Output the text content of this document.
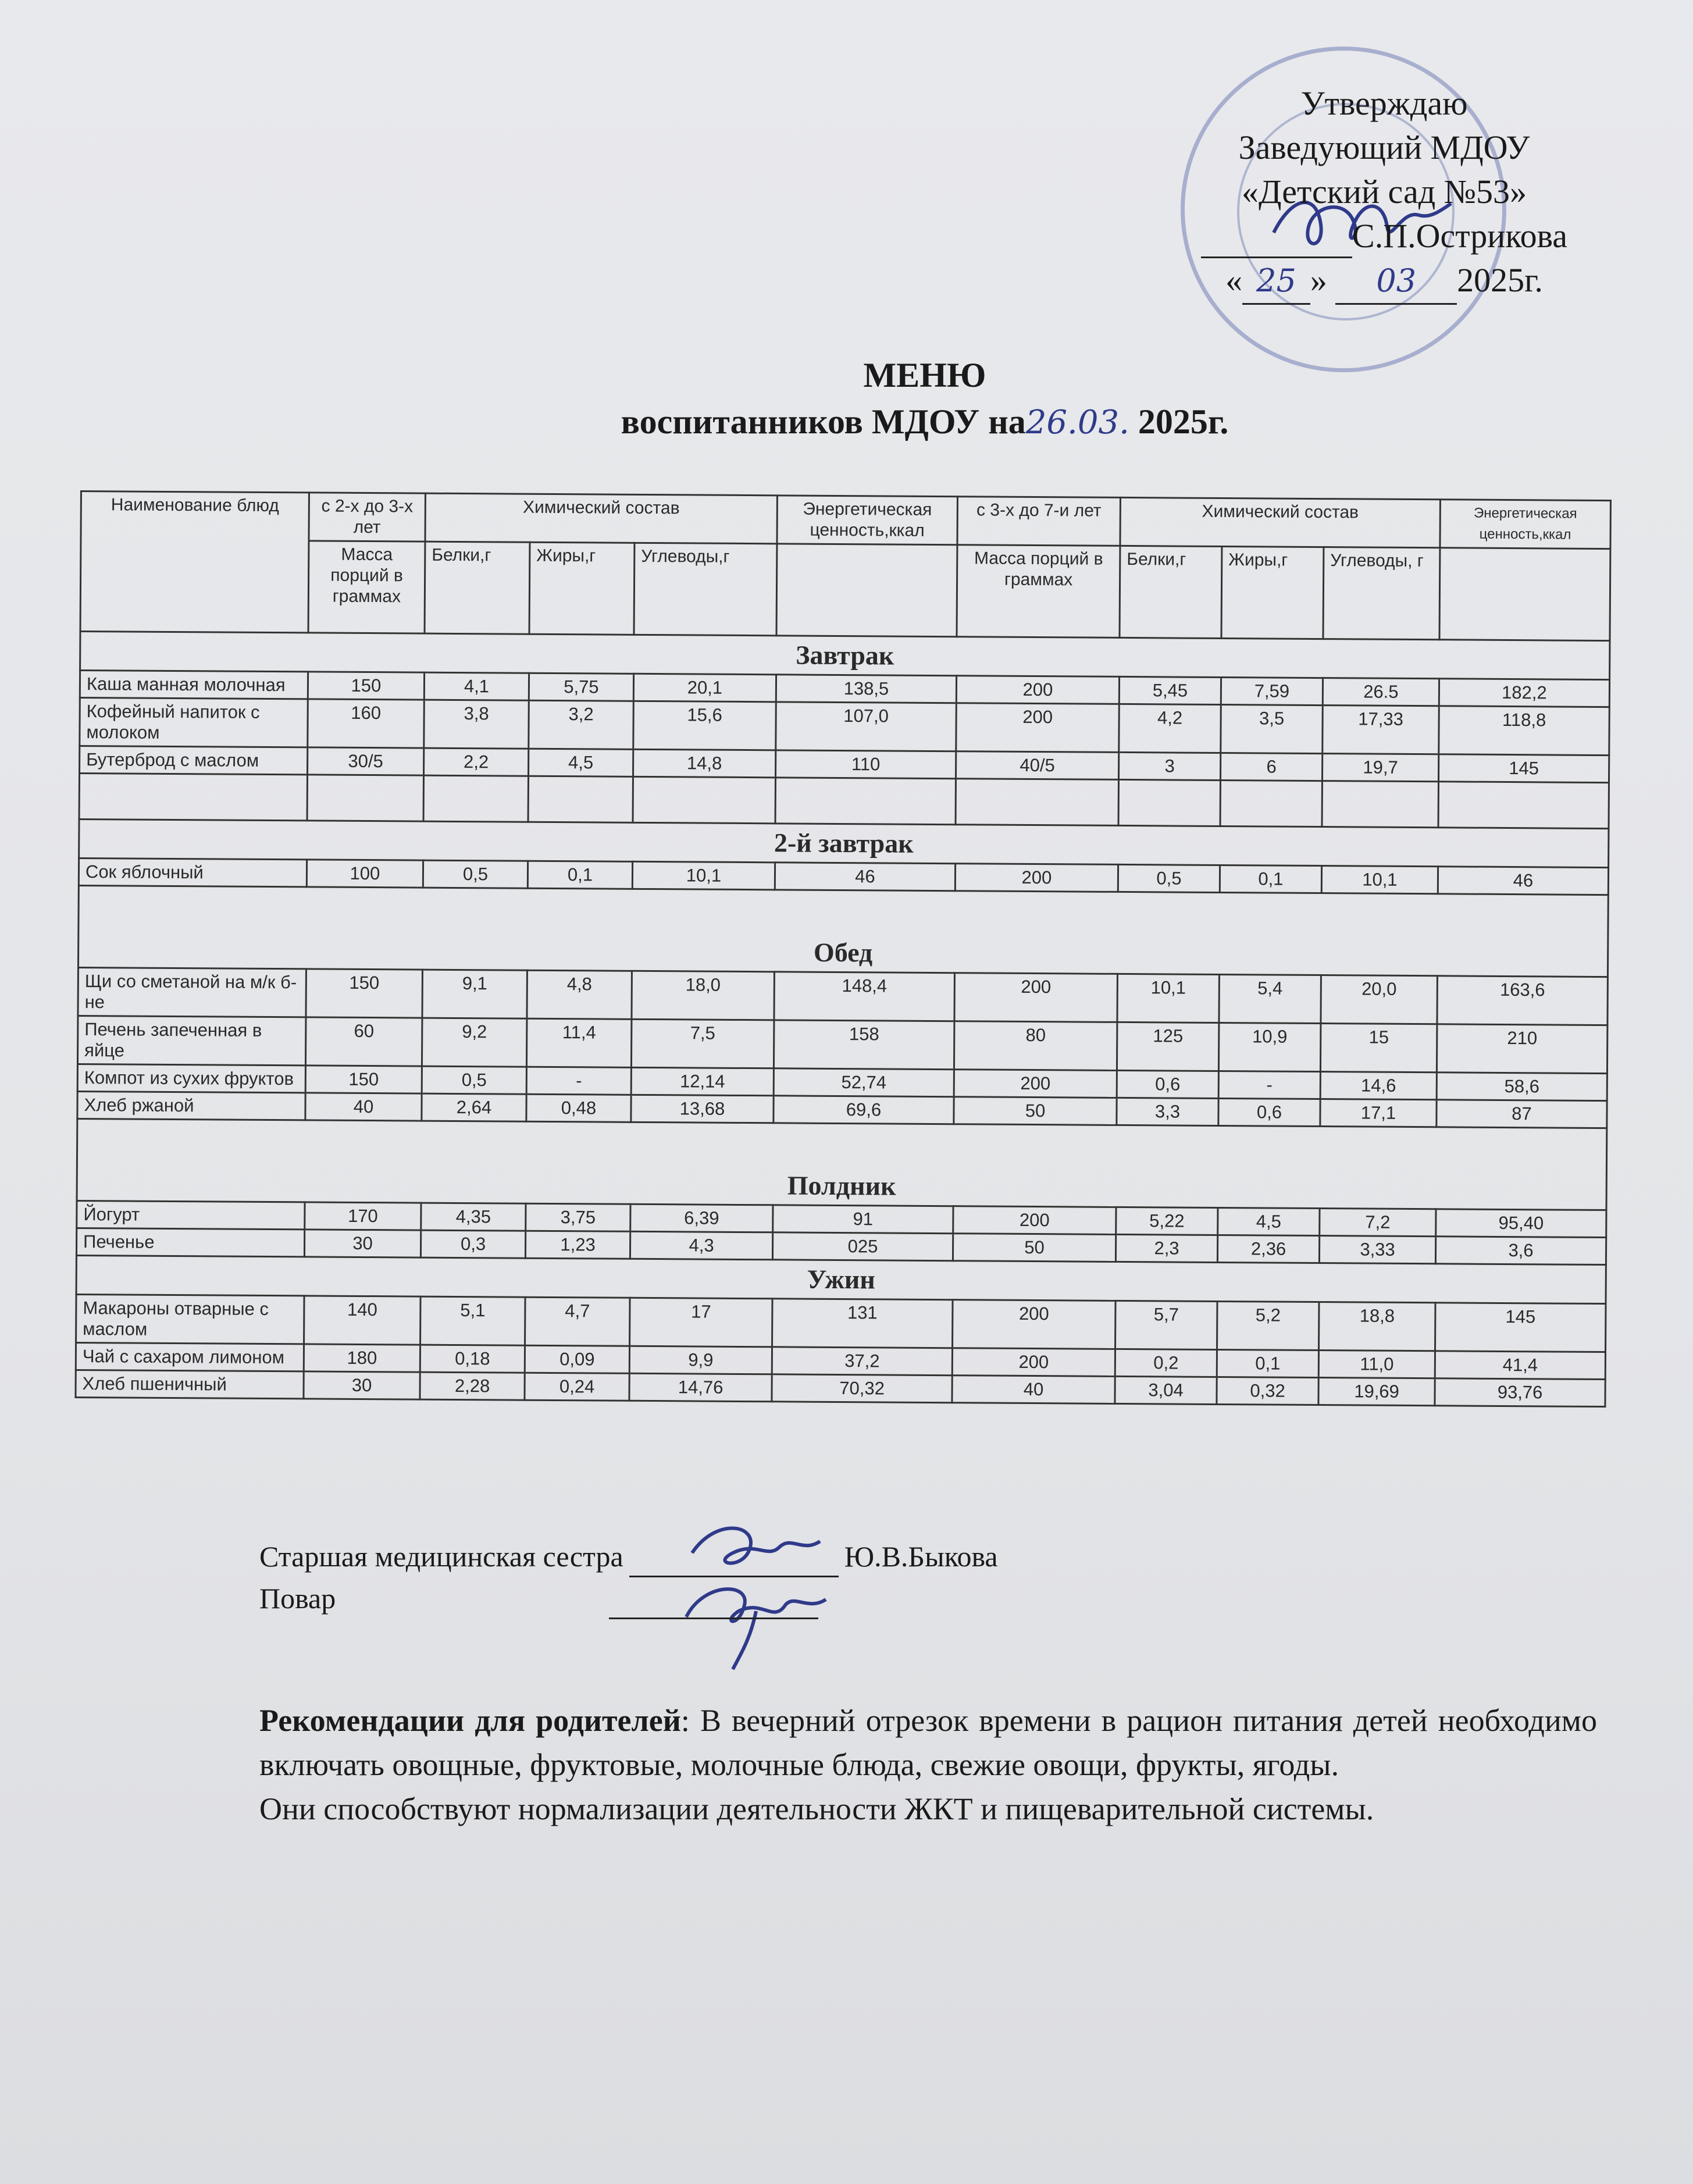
Утверждаю
Заведующий МДОУ
«Детский сад №53»
С.П.Острикова
« 25 » 03 2025г.
МЕНЮ
воспитанников МДОУ на26.03. 2025г.
Наименование блюд	с 2-х до 3-х лет	Химический состав			Энергетическая ценность,ккал	с 3-х до 7-и лет	Химический состав			Энергетическая ценность,ккал
	Масса порций в граммах	Белки,г	Жиры,г	Углеводы,г		Масса порций в граммах	Белки,г	Жиры,г	Углеводы, г	
Завтрак										
Каша манная молочная	150	4,1	5,75	20,1	138,5	200	5,45	7,59	26.5	182,2
Кофейный напиток с молоком	160	3,8	3,2	15,6	107,0	200	4,2	3,5	17,33	118,8
Бутерброд с маслом	30/5	2,2	4,5	14,8	110	40/5	3	6	19,7	145

2-й завтрак										
Сок яблочный	100	0,5	0,1	10,1	46	200	0,5	0,1	10,1	46
Обед										
Щи со сметаной на м/к б-не	150	9,1	4,8	18,0	148,4	200	10,1	5,4	20,0	163,6
Печень запеченная в яйце	60	9,2	11,4	7,5	158	80	125	10,9	15	210
Компот из сухих фруктов	150	0,5	-	12,14	52,74	200	0,6	-	14,6	58,6
Хлеб ржаной	40	2,64	0,48	13,68	69,6	50	3,3	0,6	17,1	87
Полдник										
Йогурт	170	4,35	3,75	6,39	91	200	5,22	4,5	7,2	95,40
Печенье	30	0,3	1,23	4,3	025	50	2,3	2,36	3,33	3,6
Ужин										
Макароны отварные с маслом	140	5,1	4,7	17	131	200	5,7	5,2	18,8	145
Чай с сахаром лимоном	180	0,18	0,09	9,9	37,2	200	0,2	0,1	11,0	41,4
Хлеб пшеничный	30	2,28	0,24	14,76	70,32	40	3,04	0,32	19,69	93,76
Старшая медицинская сестра	Ю.В.Быкова
Повар
Рекомендации для родителей: В вечерний отрезок времени в рацион питания детей необходимо включать овощные, фруктовые, молочные блюда, свежие овощи, фрукты, ягоды.
Они способствуют нормализации деятельности ЖКТ и пищеварительной системы.
